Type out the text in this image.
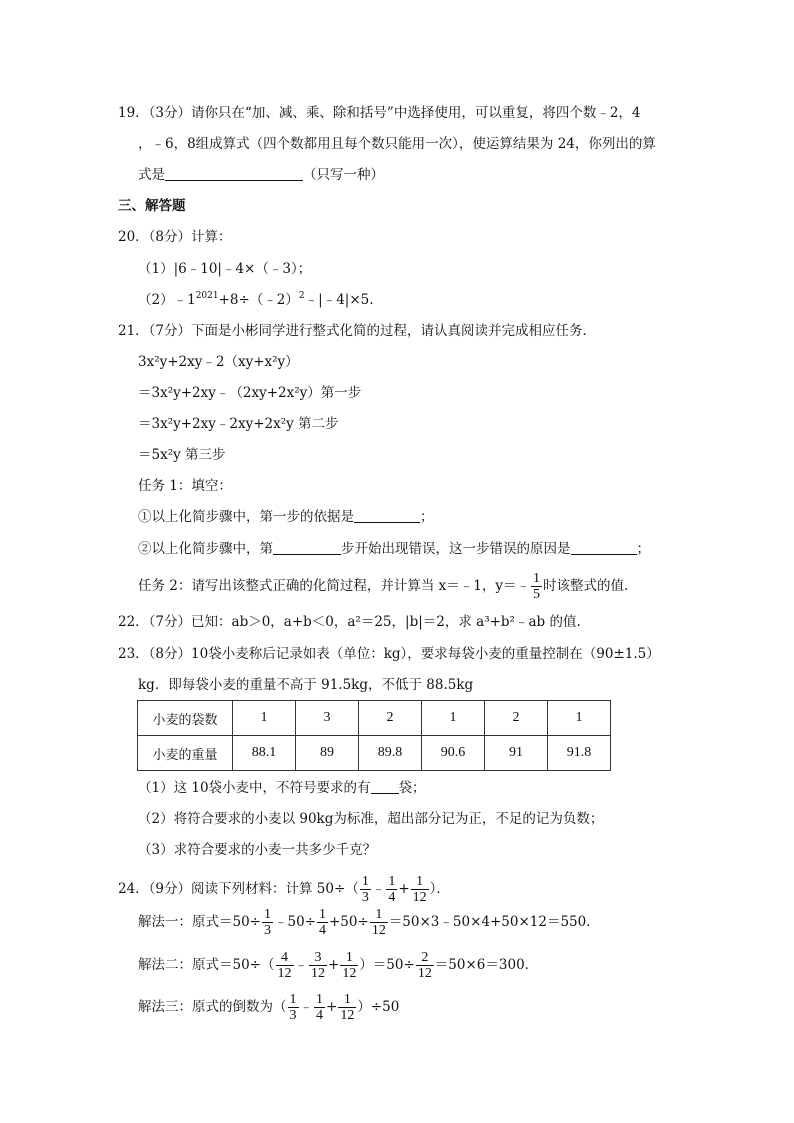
19．（3分）请你只在“加、减、乘、除和括号”中选择使用，可以重复，将四个数﹣2，4
，﹣6，8组成算式（四个数都用且每个数只能用一次），使运算结果为 24，你列出的算
式是	（只写一种）
三、解答题
20．（8分）计算：
（1）|6﹣10|﹣4×（﹣3）；
$(2)﹣1^{2021}+8\div(﹣2)^2﹣|﹣4|\times 5$.
21．（7分）下面是小彬同学进行整式化简的过程，请认真阅读并完成相应任务．
3x²y+2xy﹣2（xy+x²y）
＝3x²y+2xy﹣（2xy+2x²y）第一步
＝3x²y+2xy﹣2xy+2x²y 第二步
＝5x²y 第三步
任务 1：填空：
①以上化简步骤中，第一步的依据是	；
②以上化简步骤中，第	步开始出现错误，这一步错误的原因是	；
任务 2：请写出该整式正确的化简过程，并计算当 x＝﹣1，y＝﹣ $\frac{1}{5}$ 时该整式的值.
22．（7分）已知：ab＞0，a+b＜0，a²＝25，|b|＝2，求 a³+b²﹣ab 的值.
23．（8分）10袋小麦称后记录如表（单位：kg），要求每袋小麦的重量控制在（90±1.5）
kg．即每袋小麦的重量不高于 91.5kg，不低于 88.5kg
小麦的袋数	1	3	2	1	2	1
小麦的重量	88.1	89	89.8	90.6	91	91.8
（1）这 10袋小麦中，不符号要求的有 袋；
（2）将符合要求的小麦以 90kg为标准，超出部分记为正，不足的记为负数；
（3）求符合要求的小麦一共多少千克？
24．（9分）阅读下列材料：计算 $50\div( \frac{1}{3}$ ﹣ $\frac{1}{4} + \frac{1}{12}$ ）．
解法一：原式$=50\div \frac{1}{3}$ ﹣50÷ $\frac{1}{4} +50\div \frac{1}{12}$ ＝50×3﹣50×4+50×12＝550．
解法二：原式$=50\div( \frac{4}{12}$ ﹣ $\frac{3}{12} + \frac{1}{12} )=50\div \frac{2}{12} =50\times 6=300$．
解法三：原式的倒数为（ $\frac{1}{3}$ ﹣ $\frac{1}{4} + \frac{1}{12} )\div 50$
